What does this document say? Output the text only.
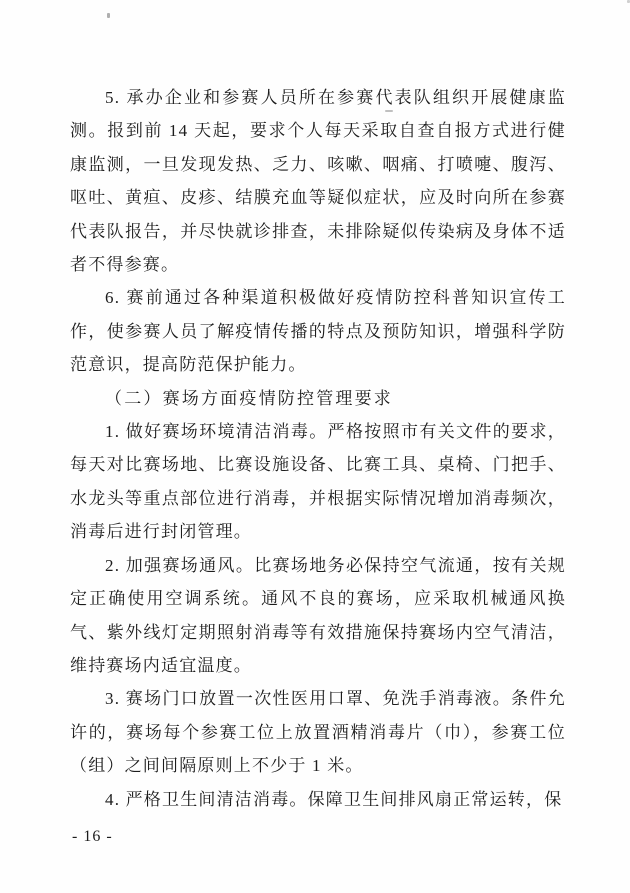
5. 承办企业和参赛人员所在参赛代表队组织开展健康监测。报到前 14 天起，要求个人每天采取自查自报方式进行健康监测，一旦发现发热、乏力、咳嗽、咽痛、打喷嚏、腹泻、呕吐、黄疸、皮疹、结膜充血等疑似症状，应及时向所在参赛代表队报告，并尽快就诊排查，未排除疑似传染病及身体不适者不得参赛。

6. 赛前通过各种渠道积极做好疫情防控科普知识宣传工作，使参赛人员了解疫情传播的特点及预防知识，增强科学防范意识，提高防范保护能力。

（二）赛场方面疫情防控管理要求

1. 做好赛场环境清洁消毒。严格按照市有关文件的要求，每天对比赛场地、比赛设施设备、比赛工具、桌椅、门把手、水龙头等重点部位进行消毒，并根据实际情况增加消毒频次，消毒后进行封闭管理。

2. 加强赛场通风。比赛场地务必保持空气流通，按有关规定正确使用空调系统。通风不良的赛场，应采取机械通风换气、紫外线灯定期照射消毒等有效措施保持赛场内空气清洁，维持赛场内适宜温度。

3. 赛场门口放置一次性医用口罩、免洗手消毒液。条件允许的，赛场每个参赛工位上放置酒精消毒片（巾），参赛工位（组）之间间隔原则上不少于 1 米。

4. 严格卫生间清洁消毒。保障卫生间排风扇正常运转，保

- 16 -
